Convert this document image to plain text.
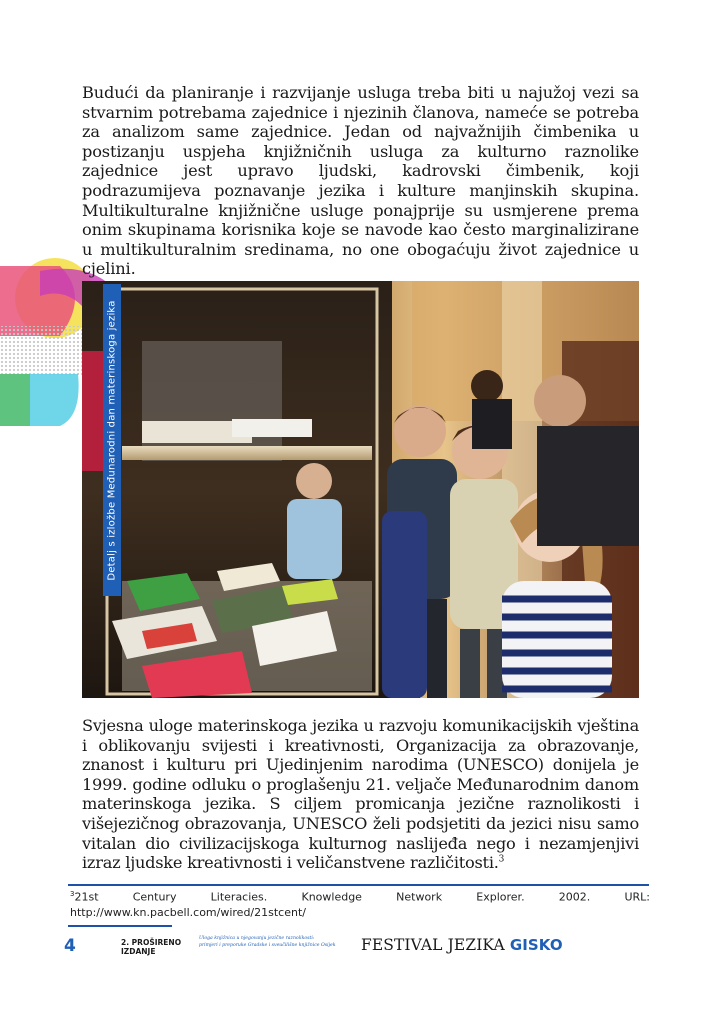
Budući da planiranje i razvijanje usluga treba biti u najužoj vezi sa stvarnim potrebama zajednice i njezinih članova, nameće se potreba za analizom same zajednice. Jedan od najvažnijih čimbenika u postizanju uspjeha knjižničnih usluga za kulturno raznolike zajednice jest upravo ljudski, kadrovski čimbenik, koji podrazumijeva poznavanje jezika i kulture manjinskih skupina. Multikulturalne knjižnične usluge ponajprije su usmjerene prema onim skupinama korisnika koje se navode kao često marginalizirane u multikulturalnim sredinama, no one obogaćuju život zajednice u cjelini.

Detalj s izložbe Međunarodni dan materinskoga jezika

Svjesna uloge materinskoga jezika u razvoju komunikacijskih vještina i oblikovanju svijesti i kreativnosti, Organizacija za obrazovanje, znanost i kulturu pri Ujedinjenim narodima (UNESCO) donijela je 1999. godine odluku o proglašenju 21. veljače Međunarodnim danom materinskoga jezika. S ciljem promicanja jezične raznolikosti i višejezičnog obrazovanja, UNESCO želi podsjetiti da jezici nisu samo vitalan dio civilizacijskoga kulturnog naslijeđa nego i nezamjenjivi izraz ljudske kreativnosti i veličanstvene različitosti.$^3$

$^3$21st Century Literacies. Knowledge Network Explorer. 2002. URL: http://www.kn.pacbell.com/wired/21stcent/

4	2. PROŠIRENO
IZDANJE
Uloga knjižnica u njegovanju jezične raznolikosti:
primjeri i preporuke Gradske i sveučilišne knjižnice Osijek	FESTIVAL JEZIKA GISKO
